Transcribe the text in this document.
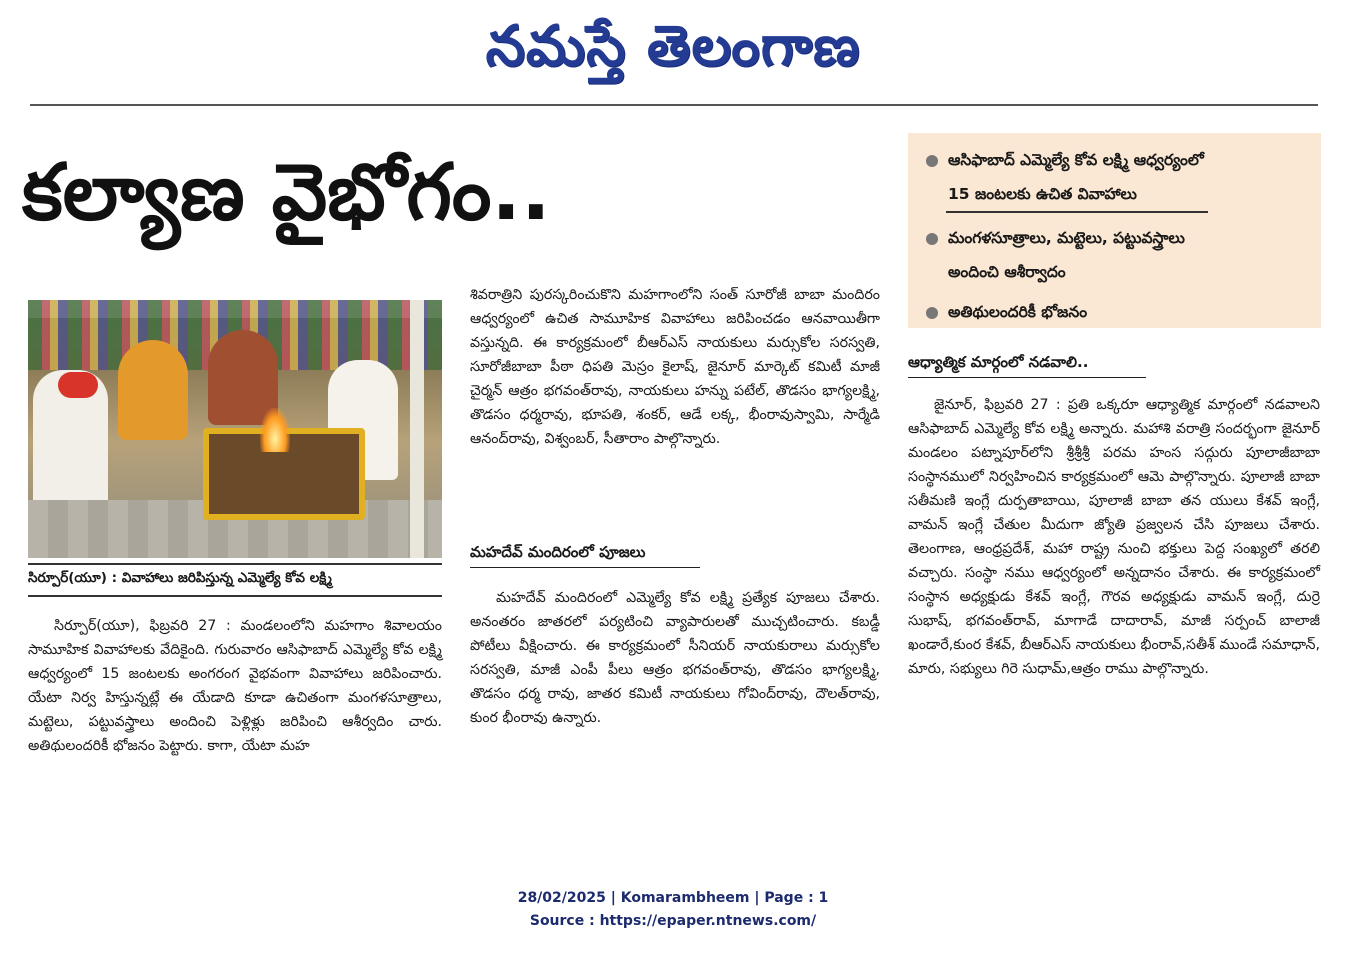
నమస్తే తెలంగాణ
కల్యాణ వైభోగం..
సిర్పూర్(యూ) : వివాహాలు జరిపిస్తున్న ఎమ్మెల్యే కోవ లక్ష్మి

సిర్పూర్(యూ), ఫిబ్రవరి 27 : మండలంలోని మహగాం శివాలయం సామూహిక వివాహాలకు వేదికైంది. గురువారం ఆసిఫాబాద్ ఎమ్మెల్యే కోవ లక్ష్మి ఆధ్వర్యంలో 15 జంటలకు అంగరంగ వైభవంగా వివాహాలు జరిపించారు. యేటా నిర్వ హిస్తున్నట్లే ఈ యేడాది కూడా ఉచితంగా మంగళసూత్రాలు, మట్టెలు, పట్టువస్త్రాలు అందించి పెళ్లిళ్లు జరిపించి ఆశీర్వదిం చారు. అతిథులందరికీ భోజనం పెట్టారు. కాగా, యేటా మహ

శివరాత్రిని పురస్కరించుకొని మహగాంలోని సంత్ సూరోజీ బాబా మందిరం ఆధ్వర్యంలో ఉచిత సామూహిక వివాహాలు జరిపించడం ఆనవాయితీగా వస్తున్నది. ఈ కార్యక్రమంలో బీఆర్ఎస్ నాయకులు మర్సుకోల సరస్వతి, సూరోజీబాబా పీఠా ధిపతి మెస్రం కైలాష్, జైనూర్ మార్కెట్ కమిటీ మాజీ చైర్మన్ ఆత్రం భగవంత్‌రావు, నాయకులు హన్ను పటేల్, తొడసం భాగ్యలక్ష్మి, తొడసం ధర్మరావు, భూపతి, శంకర్, ఆడే లక్క, భీంరావుస్వామి, సార్మేడి ఆనంద్‌రావు, విశ్వంబర్, సీతారాం పాల్గొన్నారు.

మహదేవ్ మందిరంలో పూజలు

మహదేవ్ మందిరంలో ఎమ్మెల్యే కోవ లక్ష్మి ప్రత్యేక పూజలు చేశారు. అనంతరం జాతరలో పర్యటించి వ్యాపారులతో ముచ్చటించారు. కబడ్డీ పోటీలు వీక్షించారు. ఈ కార్యక్రమంలో సీనియర్ నాయకురాలు మర్సుకోల సరస్వతి, మాజీ ఎంపీ పీలు ఆత్రం భగవంత్‌రావు, తొడసం భాగ్యలక్ష్మి, తొడసం ధర్మ రావు, జాతర కమిటీ నాయకులు గోవింద్‌రావు, దౌలత్‌రావు, కుంర భీంరావు ఉన్నారు.

ఆసిఫాబాద్ ఎమ్మెల్యే కోవ లక్ష్మి ఆధ్వర్యంలో
15 జంటలకు ఉచిత వివాహాలు
మంగళసూత్రాలు, మట్టెలు, పట్టువస్త్రాలు
అందించి ఆశీర్వాదం
అతిథులందరికీ భోజనం
ఆధ్యాత్మిక మార్గంలో నడవాలి..

జైనూర్, ఫిబ్రవరి 27 : ప్రతి ఒక్కరూ ఆధ్యాత్మిక మార్గంలో నడవాలని ఆసిఫాబాద్ ఎమ్మెల్యే కోవ లక్ష్మి అన్నారు. మహాశి వరాత్రి సందర్భంగా జైనూర్ మండలం పట్నాపూర్‌లోని శ్రీశ్రీశ్రీ పరమ హంస సద్గురు పూలాజీబాబా సంస్థానములో నిర్వహించిన కార్యక్రమంలో ఆమె పాల్గొన్నారు. పూలాజీ బాబా సతీమణి ఇంగ్లే దుర్పతాబాయి, పూలాజీ బాబా తన యులు కేశవ్ ఇంగ్లే, వామన్ ఇంగ్లే చేతుల మీదుగా జ్యోతి ప్రజ్వలన చేసి పూజలు చేశారు. తెలంగాణ, ఆంధ్రప్రదేశ్, మహా రాష్ట్ర నుంచి భక్తులు పెద్ద సంఖ్యలో తరలి వచ్చారు. సంస్థా నము ఆధ్వర్యంలో అన్నదానం చేశారు. ఈ కార్యక్రమంలో సంస్థాన అధ్యక్షుడు కేశవ్ ఇంగ్లే, గౌరవ అధ్యక్షుడు వామన్ ఇంగ్లే, దుర్రె సుభాష్, భగవంత్‌రావ్, మాగాడే దాదారావ్, మాజీ సర్పంచ్ బాలాజీ ఖండారే,కుంర కేశవ్, బీఆర్ఎస్ నాయకులు భీంరావ్,సతీశ్ ముండే సమాధాన్, మారు, సభ్యులు గిరె సుధామ్,ఆత్రం రాము పాల్గొన్నారు.

28/02/2025 | Komarambheem | Page : 1
Source : https://epaper.ntnews.com/
